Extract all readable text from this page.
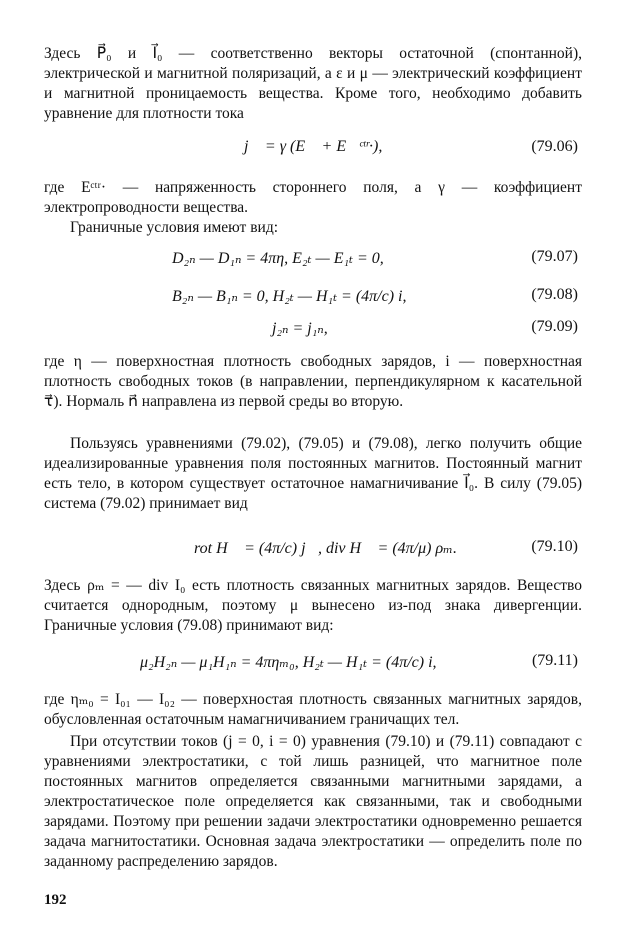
Здесь P⃗₀ и I⃗₀ — соответственно векторы остаточной (спонтанной), электрической и магнитной поляризаций, а ε и μ — электрический коэффициент и магнитной проницаемость вещества. Кроме того, необходимо добавить уравнение для плотности тока

j⃗ = γ (E⃗ + E⃗ᶜᵗʳ·),	(79.06)

где Eᶜᵗʳ· — напряженность стороннего поля, а γ — коэффициент электропроводности вещества.

Граничные условия имеют вид:

D₂ₙ — D₁ₙ = 4πη, E₂ₜ — E₁ₜ = 0,	(79.07)
B₂ₙ — B₁ₙ = 0, H₂ₜ — H₁ₜ = (4π/c) i,	(79.08)
j₂ₙ = j₁ₙ,	(79.09)

где η — поверхностная плотность свободных зарядов, i — поверхностная плотность свободных токов (в направлении, перпендикулярном к касательной τ⃗). Нормаль n⃗ направлена из первой среды во вторую.

Пользуясь уравнениями (79.02), (79.05) и (79.08), легко получить общие идеализированные уравнения поля постоянных магнитов. Постоянный магнит есть тело, в котором существует остаточное намагничивание I⃗₀. В силу (79.05) система (79.02) принимает вид

rot H⃗ = (4π/c) j⃗, div H⃗ = (4π/μ) ρₘ.	(79.10)

Здесь ρₘ = — div I₀ есть плотность связанных магнитных зарядов. Вещество считается однородным, поэтому μ вынесено из-под знака дивергенции. Граничные условия (79.08) принимают вид:

μ₂H₂ₙ — μ₁H₁ₙ = 4πηₘ₀, H₂ₜ — H₁ₜ = (4π/c) i,	(79.11)

где ηₘ₀ = I₀₁ — I₀₂ — поверхностая плотность связанных магнитных зарядов, обусловленная остаточным намагничиванием граничащих тел.

При отсутствии токов (j = 0, i = 0) уравнения (79.10) и (79.11) совпадают с уравнениями электростатики, с той лишь разницей, что магнитное поле постоянных магнитов определяется связанными магнитными зарядами, а электростатическое поле определяется как связанными, так и свободными зарядами. Поэтому при решении задачи электростатики одновременно решается задача магнитостатики. Основная задача электростатики — определить поле по заданному распределению зарядов.

192
